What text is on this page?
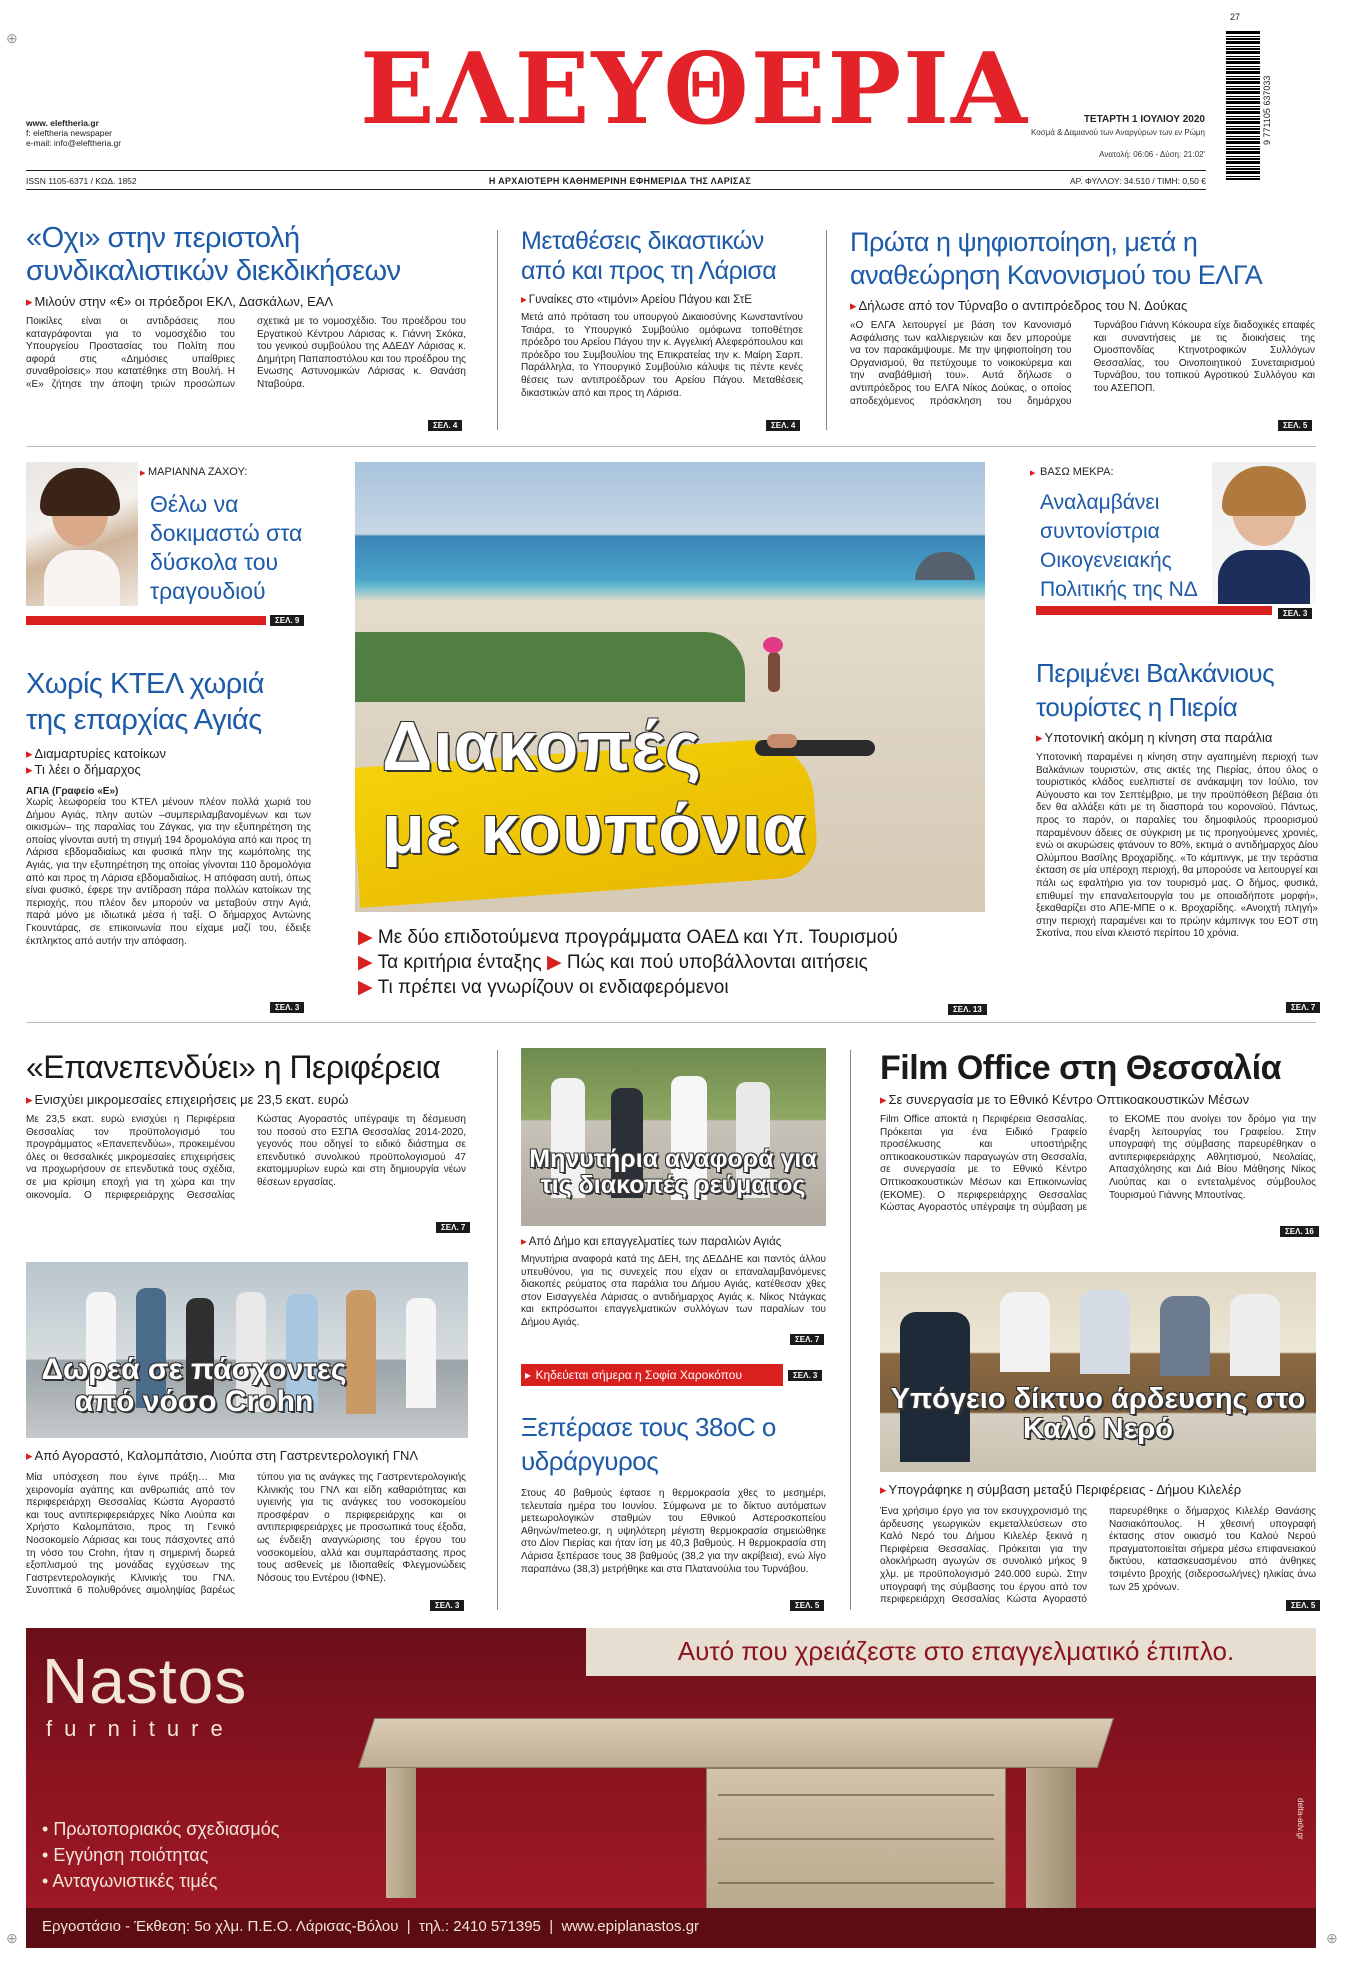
⊕
www. eleftheria.gr
f: eleftheria newspaper
e-mail: info@eleftheria.gr ΕΛΕΥΘΕΡΙΑ	ΤΕΤΑΡΤΗ 1 ΙΟΥΛΙΟΥ 2020
Κοσμά & Δαμιανού των Αναργύρων των εν Ρώμη
Ανατολή: 06:06 - Δύση: 21:02'
ISSN 1105-6371 / ΚΩΔ. 1852	Η ΑΡΧΑΙΟΤΕΡΗ ΚΑΘΗΜΕΡΙΝΗ ΕΦΗΜΕΡΙΔΑ ΤΗΣ ΛΑΡΙΣΑΣ	ΑΡ. ΦΥΛΛΟΥ: 34.510 / ΤΙΜΗ: 0,50 €
9 771105 637033
27
«Οχι» στην περιστολή συνδικαλιστικών διεκδικήσεων
▸ Μιλούν στην «€» οι πρόεδροι ΕΚΛ, Δασκάλων, ΕΑΛ
Ποικίλες είναι οι αντιδράσεις που καταγράφονται για το νομοσχέδιο του Υπουργείου Προστασίας του Πολίτη που αφορά στις «Δημόσιες υπαίθριες συναθροίσεις» που κατατέθηκε στη Βουλή. Η «Ε» ζήτησε την άποψη τριών προσώπων σχετικά με το νομοσχέδιο. Του προέδρου του Εργατικού Κέντρου Λάρισας κ. Γιάννη Σκόκα, του γενικού συμβούλου της ΑΔΕΔΥ Λάρισας κ. Δημήτρη Παπαποστόλου και του προέδρου της Ενωσης Αστυνομικών Λάρισας κ. Θανάση Νταβούρα.
ΣΕΛ. 4
Μεταθέσεις δικαστικών από και προς τη Λάρισα
▸ Γυναίκες στο «τιμόνι» Αρείου Πάγου και ΣτΕ
Μετά από πρόταση του υπουργού Δικαιοσύνης Κωνσταντίνου Τσιάρα, το Υπουργικό Συμβούλιο ομόφωνα τοποθέτησε πρόεδρο του Αρείου Πάγου την κ. Αγγελική Αλεφερόπουλου και πρόεδρο του Συμβουλίου της Επικρατείας την κ. Μαίρη Σαρπ. Παράλληλα, το Υπουργικό Συμβούλιο κάλυψε τις πέντε κενές θέσεις των αντιπροέδρων του Αρείου Πάγου. Μεταθέσεις δικαστικών από και προς τη Λάρισα.
ΣΕΛ. 4
Πρώτα η ψηφιοποίηση, μετά η αναθεώρηση Κανονισμού του ΕΛΓΑ
▸ Δήλωσε από τον Τύρναβο ο αντιπρόεδρος του Ν. Δούκας
«Ο ΕΛΓΑ λειτουργεί με βάση τον Κανονισμό Ασφάλισης των καλλιεργειών και δεν μπορούμε να τον παρακάμψουμε. Με την ψηφιοποίηση του Οργανισμού, θα πετύχουμε το νοικοκύρεμα και την αναβάθμισή του». Αυτά δήλωσε ο αντιπρόεδρος του ΕΛΓΑ Νίκος Δούκας, ο οποίος αποδεχόμενος πρόσκληση του δημάρχου Τυρνάβου Γιάννη Κόκουρα είχε διαδοχικές επαφές και συναντήσεις με τις διοικήσεις της Ομοσπονδίας Κτηνοτροφικών Συλλόγων Θεσσαλίας, του Οινοποιητικού Συνεταιρισμού Τυρνάβου, του τοπικού Αγροτικού Συλλόγου και του ΑΣΕΠΟΠ.
ΣΕΛ. 5
ΜΑΡΙΑΝΝΑ ΖΑΧΟΥ:
▸
Θέλω να δοκιμαστώ στα δύσκολα του τραγουδιού
ΣΕΛ. 9
Χωρίς ΚΤΕΛ χωριά της επαρχίας Αγιάς
▸ Διαμαρτυρίες κατοίκων
▸ Τι λέει ο δήμαρχος
ΑΓΙΑ (Γραφείο «Ε»)
Χωρίς λεωφορεία του ΚΤΕΛ μένουν πλέον πολλά χωριά του Δήμου Αγιάς, πλην αυτών –συμπεριλαμβανομένων και των οικισμών– της παραλίας του Ζάγκας, για την εξυπηρέτηση της οποίας γίνονται αυτή τη στιγμή 194 δρομολόγια από και προς τη Λάρισα εβδομαδιαίως και φυσικά πλην της κωμόπολης της Αγιάς, για την εξυπηρέτηση της οποίας γίνονται 110 δρομολόγια από και προς τη Λάρισα εβδομαδιαίως. Η απόφαση αυτή, όπως είναι φυσικό, έφερε την αντίδραση πάρα πολλών κατοίκων της περιοχής, που πλέον δεν μπορούν να μεταβούν στην Αγιά, παρά μόνο με ιδιωτικά μέσα ή ταξί. Ο δήμαρχος Αντώνης Γκουντάρας, σε επικοινωνία που είχαμε μαζί του, έδειξε έκπληκτος από αυτήν την απόφαση.
ΣΕΛ. 3
Διακοπές
με κουπόνια
▶ Με δύο επιδοτούμενα προγράμματα ΟΑΕΔ και Υπ. Τουρισμού
▶ Τα κριτήρια ένταξης ▶ Πώς και πού υποβάλλονται αιτήσεις
▶ Τι πρέπει να γνωρίζουν οι ενδιαφερόμενοι
ΣΕΛ. 13
▸ ΒΑΣΩ ΜΕΚΡΑ:
Αναλαμβάνει συντονίστρια Οικογενειακής Πολιτικής της ΝΔ
ΣΕΛ. 3
Περιμένει Βαλκάνιους τουρίστες η Πιερία
▸ Υποτονική ακόμη η κίνηση στα παράλια
Υποτονική παραμένει η κίνηση στην αγαπημένη περιοχή των Βαλκάνιων τουριστών, στις ακτές της Πιερίας, όπου όλος ο τουριστικός κλάδος ευελπιστεί σε ανάκαμψη τον Ιούλιο, τον Αύγουστο και τον Σεπτέμβριο, με την προϋπόθεση βέβαια ότι δεν θα αλλάξει κάτι με τη διασπορά του κορονοϊού. Πάντως, προς το παρόν, οι παραλίες του δημοφιλούς προορισμού παραμένουν άδειες σε σύγκριση με τις προηγούμενες χρονιές, ενώ οι ακυρώσεις φτάνουν το 80%, εκτιμά ο αντιδήμαρχος Δίου Ολύμπου Βασίλης Βροχαρίδης. «Το κάμπινγκ, με την τεράστια έκταση σε μία υπέροχη περιοχή, θα μπορούσε να λειτουργεί και πάλι ως εφαλτήριο για τον τουρισμό μας. Ο δήμος, φυσικά, επιθυμεί την επαναλειτουργία του με οποιαδήποτε μορφή», ξεκαθαρίζει στο ΑΠΕ-ΜΠΕ ο κ. Βροχαρίδης. «Ανοιχτή πληγή» στην περιοχή παραμένει και το πρώην κάμπινγκ του ΕΟΤ στη Σκοτίνα, που είναι κλειστό περίπου 10 χρόνια.
ΣΕΛ. 7
«Επανεπενδύει» η Περιφέρεια
▸ Ενισχύει μικρομεσαίες επιχειρήσεις με 23,5 εκατ. ευρώ
Με 23,5 εκατ. ευρώ ενισχύει η Περιφέρεια Θεσσαλίας τον προϋπολογισμό του προγράμματος «Επανεπενδύω», προκειμένου όλες οι θεσσαλικές μικρομεσαίες επιχειρήσεις να προχωρήσουν σε επενδυτικά τους σχέδια, σε μια κρίσιμη εποχή για τη χώρα και την οικονομία. Ο περιφερειάρχης Θεσσαλίας Κώστας Αγοραστός υπέγραψε τη δέσμευση του ποσού στο ΕΣΠΑ Θεσσαλίας 2014-2020, γεγονός που οδηγεί το ειδικό διάστημα σε επενδυτικό συνολικού προϋπολογισμού 47 εκατομμυρίων ευρώ και στη δημιουργία νέων θέσεων εργασίας.
ΣΕΛ. 7
Δωρεά σε πάσχοντες από νόσο Crohn
▸ Από Αγοραστό, Καλομπάτσιο, Λιούπα στη Γαστρεντερολογική ΓΝΛ
Μία υπόσχεση που έγινε πράξη… Μια χειρονομία αγάπης και ανθρωπιάς από τον περιφερειάρχη Θεσσαλίας Κώστα Αγοραστό και τους αντιπεριφερειάρχες Νίκο Λιούπα και Χρήστο Καλομπάτσιο, προς τη Γενικό Νοσοκομείο Λάρισας και τους πάσχοντες από τη νόσο του Crohn, ήταν η σημερινή δωρεά εξοπλισμού της μονάδας εγχύσεων της Γαστρεντερολογικής Κλινικής του ΓΝΛ. Συνοπτικά 6 πολυθρόνες αιμοληψίας βαρέως τύπου για τις ανάγκες της Γαστρεντερολογικής Κλινικής του ΓΝΛ και είδη καθαριότητας και υγιεινής για τις ανάγκες του νοσοκομείου προσφέραν ο περιφερειάρχης και οι αντιπεριφερειάρχες με προσωπικά τους έξοδα, ως ένδειξη αναγνώρισης του έργου του νοσοκομείου, αλλά και συμπαράστασης προς τους ασθενείς με Ιδιοπαθείς Φλεγμονώδεις Νόσους του Εντέρου (ΙΦΝΕ).
ΣΕΛ. 3
Μηνυτήρια αναφορά για τις διακοπές ρεύματος
▸ Από Δήμο και επαγγελματίες των παραλιών Αγιάς
Μηνυτήρια αναφορά κατά της ΔΕΗ, της ΔΕΔΔΗΕ και παντός άλλου υπευθύνου, για τις συνεχείς που είχαν οι επαναλαμβανόμενες διακοπές ρεύματος στα παράλια του Δήμου Αγιάς, κατέθεσαν χθες στον Εισαγγελέα Λάρισας ο αντιδήμαρχος Αγιάς κ. Νίκος Ντάγκας και εκπρόσωποι επαγγελματικών συλλόγων των παραλίων του Δήμου Αγιάς.
ΣΕΛ. 7
▸ Κηδεύεται σήμερα η Σοφία Χαροκόπου	ΣΕΛ. 3
Ξεπέρασε τους 38οC ο υδράργυρος
Στους 40 βαθμούς έφτασε η θερμοκρασία χθες το μεσημέρι, τελευταία ημέρα του Ιουνίου. Σύμφωνα με το δίκτυο αυτόματων μετεωρολογικών σταθμών του Εθνικού Αστεροσκοπείου Αθηνών/meteo.gr, η υψηλότερη μέγιστη θερμοκρασία σημειώθηκε στο Δίον Πιερίας και ήταν ίση με 40,3 βαθμούς. Η θερμοκρασία στη Λάρισα ξεπέρασε τους 38 βαθμούς (38,2 για την ακρίβεια), ενώ λίγο παραπάνω (38,3) μετρήθηκε και στα Πλατανούλια του Τυρνάβου.
ΣΕΛ. 5
Film Office στη Θεσσαλία
▸ Σε συνεργασία με το Εθνικό Κέντρο Οπτικοακουστικών Μέσων
Film Office αποκτά η Περιφέρεια Θεσσαλίας. Πρόκειται για ένα Ειδικό Γραφείο προσέλκυσης και υποστήριξης οπτικοακουστικών παραγωγών στη Θεσσαλία, σε συνεργασία με το Εθνικό Κέντρο Οπτικοακουστικών Μέσων και Επικοινωνίας (ΕΚΟΜΕ). Ο περιφερειάρχης Θεσσαλίας Κώστας Αγοραστός υπέγραψε τη σύμβαση με το ΕΚΟΜΕ που ανοίγει τον δρόμο για την έναρξη λειτουργίας του Γραφείου. Στην υπογραφή της σύμβασης παρευρέθηκαν ο αντιπεριφερειάρχης Αθλητισμού, Νεολαίας, Απασχόλησης και Διά Βίου Μάθησης Νίκος Λιούπας και ο εντεταλμένος σύμβουλος Τουρισμού Γιάννης Μπουτίνας.
ΣΕΛ. 16
Υπόγειο δίκτυο άρδευσης στο Καλό Νερό
▸ Υπογράφηκε η σύμβαση μεταξύ Περιφέρειας - Δήμου Κιλελέρ
Ένα χρήσιμο έργο για τον εκσυγχρονισμό της άρδευσης γεωργικών εκμεταλλεύσεων στο Καλό Νερό του Δήμου Κιλελέρ ξεκινά η Περιφέρεια Θεσσαλίας. Πρόκειται για την ολοκλήρωση αγωγών σε συνολικό μήκος 9 χλμ. με προϋπολογισμό 240.000 ευρώ. Στην υπογραφή της σύμβασης του έργου από τον περιφερειάρχη Θεσσαλίας Κώστα Αγοραστό παρευρέθηκε ο δήμαρχος Κιλελέρ Θανάσης Νασιακόπουλος. Η χθεσινή υπογραφή έκτασης στον οικισμό του Καλού Νερού πραγματοποιείται σήμερα μέσω επιφανειακού δικτύου, κατασκευασμένου από άνθηκες τσιμέντο βροχής (σιδεροσωλήνες) ηλικίας άνω των 25 χρόνων.
ΣΕΛ. 5
Αυτό που χρειάζεστε στο επαγγελματικό έπιπλο.
Nastos
furniture
• Πρωτοποριακός σχεδιασμός
• Εγγύηση ποιότητας
• Ανταγωνιστικές τιμές
Εργοστάσιο - Έκθεση: 5ο χλμ. Π.Ε.Ο. Λάρισας-Βόλου  |  τηλ.: 2410 571395  |  www.epiplanastos.gr
delta-adv.gr
⊕	⊕
